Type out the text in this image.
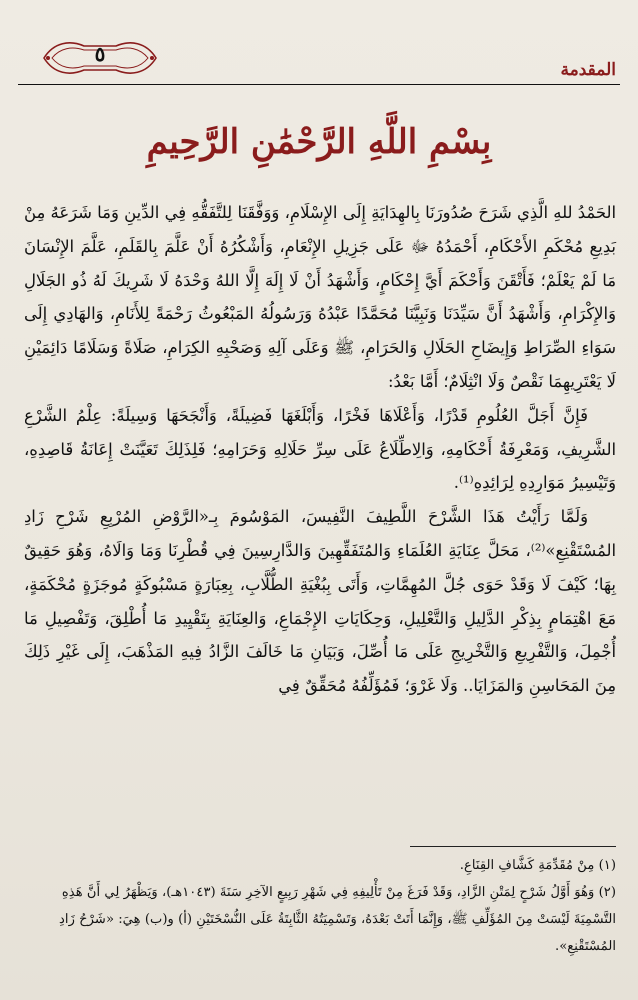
٥
المقدمة
بِسْمِ اللَّهِ الرَّحْمَٰنِ الرَّحِيمِ

الحَمْدُ للهِ الَّذِي شَرَحَ صُدُورَنَا بِالهِدَايَةِ إِلَى الإِسْلَامِ، وَوَفَّقَنَا لِلتَّفَقُّهِ فِي الدِّينِ وَمَا شَرَعَهُ مِنْ بَدِيعِ مُحْكَمِ الأَحْكَامِ، أَحْمَدُهُ ﷻ عَلَى جَزِيلِ الإِنْعَامِ، وَأَشْكُرُهُ أَنْ عَلَّمَ بِالقَلَمِ، عَلَّمَ الإِنْسَانَ مَا لَمْ يَعْلَمْ؛ فَأَتْقَنَ وَأَحْكَمَ أَيَّ إِحْكَامٍ، وَأَشْهَدُ أَنْ لَا إِلَهَ إِلَّا اللهُ وَحْدَهُ لَا شَرِيكَ لَهُ ذُو الجَلَالِ وَالإِكْرَامِ، وَأَشْهَدُ أَنَّ سَيِّدَنَا وَنَبِيَّنَا مُحَمَّدًا عَبْدُهُ وَرَسُولُهُ المَبْعُوثُ رَحْمَةً لِلأَنَامِ، وَالهَادِي إِلَى سَوَاءِ الصِّرَاطِ وَإِيضَاحِ الحَلَالِ وَالحَرَامِ، ﷺ وَعَلَى آلِهِ وَصَحْبِهِ الكِرَامِ، صَلَاةً وَسَلَامًا دَائِمَيْنِ لَا يَعْتَرِيهِمَا نَقْصٌ وَلَا انْثِلَامٌ؛ أَمَّا بَعْدُ:

فَإِنَّ أَجَلَّ العُلُومِ قَدْرًا، وَأَعْلَاهَا فَخْرًا، وَأَبْلَغَهَا فَضِيلَةً، وَأَنْجَحَهَا وَسِيلَةً: عِلْمُ الشَّرْعِ الشَّرِيفِ، وَمَعْرِفَةُ أَحْكَامِهِ، وَالِاطِّلَاعُ عَلَى سِرِّ حَلَالِهِ وَحَرَامِهِ؛ فَلِذَلِكَ تَعَيَّنَتْ إِعَانَةُ قَاصِدِهِ، وَتَيْسِيرُ مَوَارِدِهِ لِرَائِدِهِ⁽¹⁾.

وَلَمَّا رَأَيْتُ هَذَا الشَّرْحَ اللَّطِيفَ النَّفِيسَ، المَوْسُومَ بِـ«الرَّوْضِ المُرْبِعِ شَرْحِ زَادِ المُسْتَقْنِعِ»⁽²⁾، مَحَلَّ عِنَايَةِ العُلَمَاءِ وَالمُتَفَقِّهِينَ وَالدَّارِسِينَ فِي قُطْرِنَا وَمَا وَالَاهُ، وَهُوَ حَقِيقٌ بِهَا؛ كَيْفَ لَا وَقَدْ حَوَى جُلَّ المُهِمَّاتِ، وَأَتَى بِبُغْيَةِ الطُّلَّابِ، بِعِبَارَةٍ مَسْبُوكَةٍ مُوجَزَةٍ مُحْكَمَةٍ، مَعَ اهْتِمَامٍ بِذِكْرِ الدَّلِيلِ وَالتَّعْلِيلِ، وَحِكَايَاتِ الإِجْمَاعِ، وَالعِنَايَةِ بِتَقْيِيدِ مَا أُطْلِقَ، وَتَفْصِيلِ مَا أُجْمِلَ، وَالتَّفْرِيعِ وَالتَّخْرِيجِ عَلَى مَا أُصِّلَ، وَبَيَانِ مَا خَالَفَ الزَّادُ فِيهِ المَذْهَبَ، إِلَى غَيْرِ ذَلِكَ مِنَ المَحَاسِنِ وَالمَزَايَا.. وَلَا غَرْوَ؛ فَمُؤَلِّفُهُ مُحَقِّقٌ فِي

(١) مِنْ مُقَدِّمَةِ كَشَّافِ القِنَاعِ.

(٢) وَهُوَ أَوَّلُ شَرْحٍ لِمَتْنِ الزَّادِ، وَقَدْ فَرَغَ مِنْ تَأْلِيفِهِ فِي شَهْرِ رَبِيعٍ الآخِرِ سَنَةَ (١٠٤٣هـ)، وَيَظْهَرُ لِي أَنَّ هَذِهِ التَّسْمِيَةَ لَيْسَتْ مِنَ المُؤَلِّفِ ﷺ، وَإِنَّمَا أَتَتْ بَعْدَهُ، وَتَسْمِيَتُهُ الثَّابِتَةُ عَلَى النُّسْخَتَيْنِ (أ) و(ب) هِيَ: «شَرْحُ زَادِ المُسْتَقْنِعِ».
